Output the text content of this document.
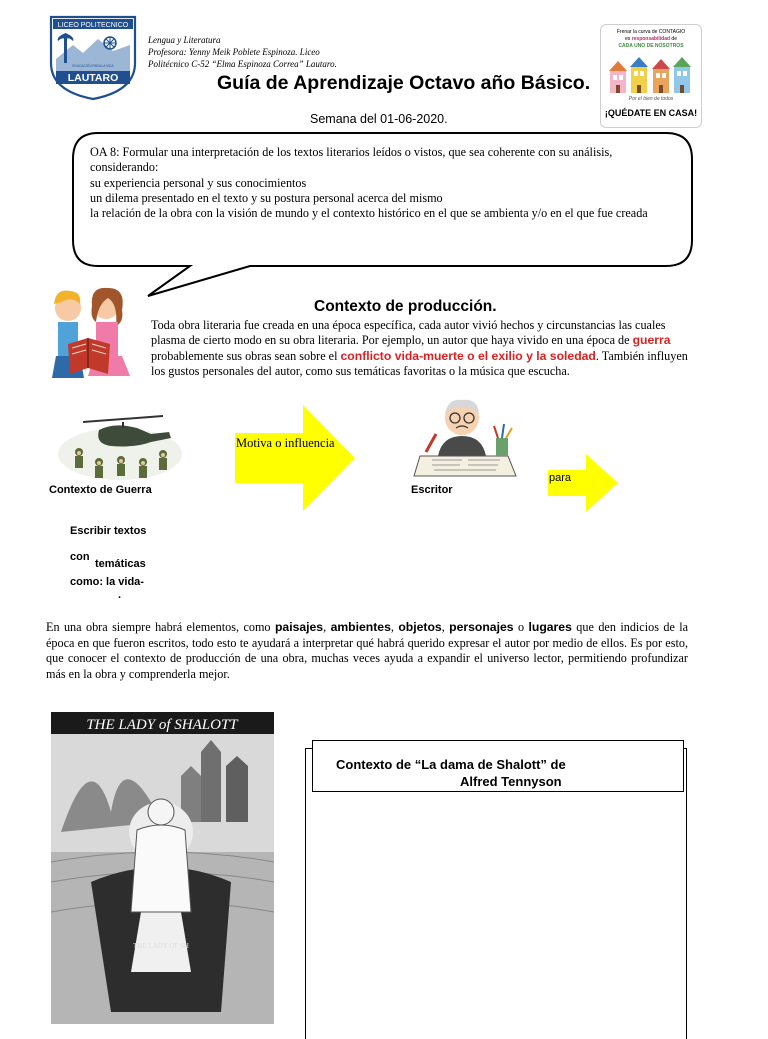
LICEO POLITECNICO
LAUTARO
EDUCACIÓN PARA LA VIDA
Lengua y Literatura
Profesora: Yenny Meik Poblete Espinoza. Liceo
Politécnico C-52 “Elma Espinoza Correa” Lautaro.
Guía de Aprendizaje Octavo año Básico.
Semana del 01-06-2020.
Frenar la curva de CONTAGIO
es responsabilidad de
CADA UNO DE NOSOTROS
Por el bien de todos
¡QUÉDATE EN CASA!
OA 8: Formular una interpretación de los textos literarios leídos o vistos, que sea coherente con su análisis, considerando:
su experiencia personal y sus conocimientos
un dilema presentado en el texto y su postura personal acerca del mismo
la relación de la obra con la visión de mundo y el contexto histórico en el que se ambienta y/o en el que fue creada
Contexto de producción.
Toda obra literaria fue creada en una época específica, cada autor vivió hechos y circunstancias las cuales plasma de cierto modo en su obra literaria. Por ejemplo, un autor que haya vivido en una época de guerra probablemente sus obras sean sobre el conflicto vida-muerte o el exilio y la soledad. También influyen los gustos personales del autor, como sus temáticas favoritas o la música que escucha.
Contexto de Guerra
Motiva o influencia
Escritor
para
Escribir textos
con
temáticas
como: la vida-
.
En una obra siempre habrá elementos, como paisajes, ambientes, objetos, personajes o lugares que den indicios de la época en que fueron escritos, todo esto te ayudará a interpretar qué habrá querido expresar el autor por medio de ellos. Es por esto, que conocer el contexto de producción de una obra, muchas veces ayuda a expandir el universo lector, permitiendo profundizar más en la obra y comprenderla mejor.
THE LADY of SHALOTT
THE LADY OF SH
Contexto de “La dama de Shalott” de
Alfred Tennyson
